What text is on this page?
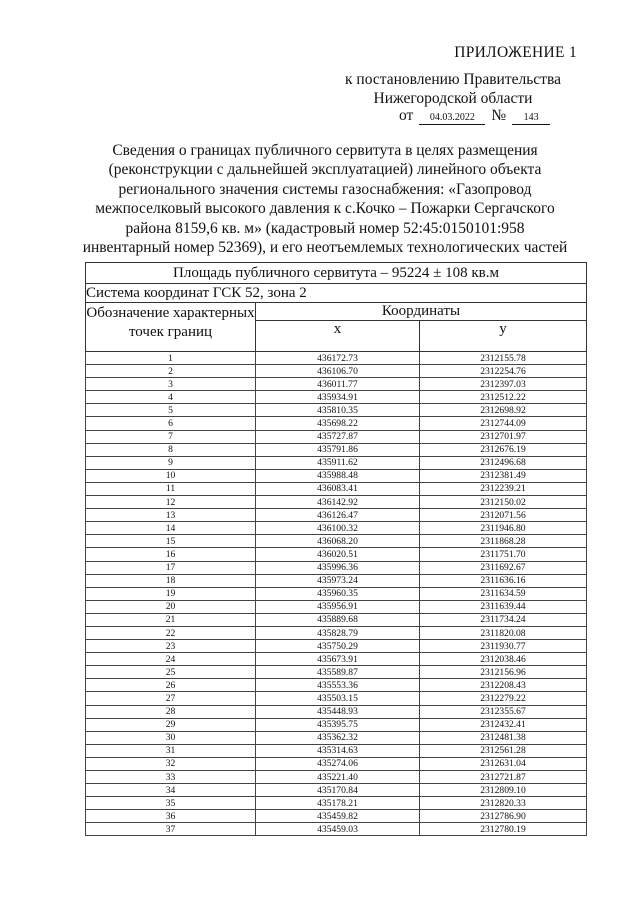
ПРИЛОЖЕНИЕ 1
к постановлению Правительства
Нижегородской области
от 04.03.2022 № 143
Сведения о границах публичного сервитута в целях размещения (реконструкции с дальнейшей эксплуатацией) линейного объекта регионального значения системы газоснабжения: «Газопровод межпоселковый высокого давления к с.Кочко – Пожарки Сергачского района 8159,6 кв. м» (кадастровый номер 52:45:0150101:958 инвентарный номер 52369), и его неотъемлемых технологических частей
Площадь публичного сервитута – 95224 ± 108 кв.м		
Система координат ГСК 52, зона 2		
Обозначение характерных точек границ	Координаты	
	x	y
1	436172.73	2312155.78
2	436106.70	2312254.76
3	436011.77	2312397.03
4	435934.91	2312512.22
5	435810.35	2312698.92
6	435698.22	2312744.09
7	435727.87	2312701.97
8	435791.86	2312676.19
9	435911.62	2312496.68
10	435988.48	2312381.49
11	436083.41	2312239.21
12	436142.92	2312150.02
13	436126.47	2312071.56
14	436100.32	2311946.80
15	436068.20	2311868.28
16	436020.51	2311751.70
17	435996.36	2311692.67
18	435973.24	2311636.16
19	435960.35	2311634.59
20	435956.91	2311639.44
21	435889.68	2311734.24
22	435828.79	2311820.08
23	435750.29	2311930.77
24	435673.91	2312038.46
25	435589.87	2312156.96
26	435553.36	2312208.43
27	435503.15	2312279.22
28	435448.93	2312355.67
29	435395.75	2312432.41
30	435362.32	2312481.38
31	435314.63	2312561.28
32	435274.06	2312631.04
33	435221.40	2312721.87
34	435170.84	2312809.10
35	435178.21	2312820.33
36	435459.82	2312786.90
37	435459.03	2312780.19
